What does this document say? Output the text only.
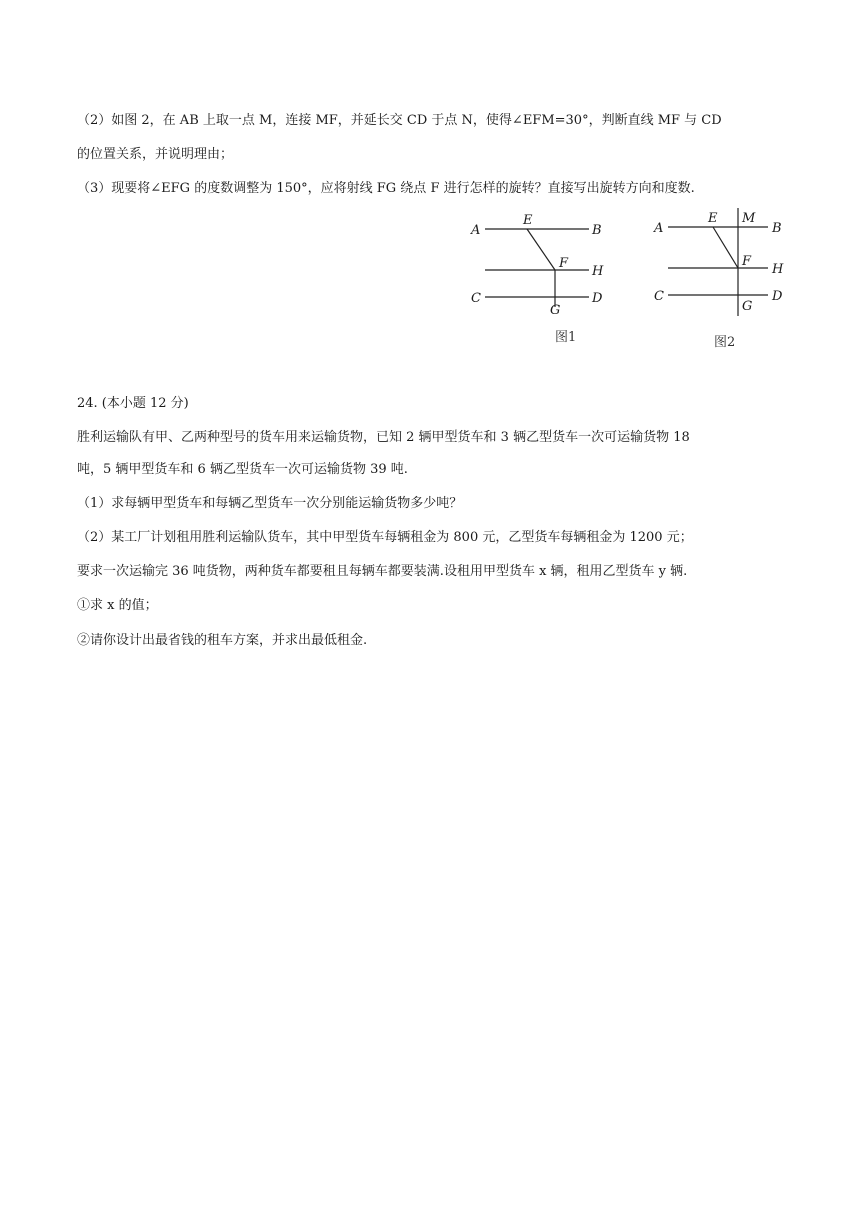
（2）如图 2，在 AB 上取一点 M，连接 MF，并延长交 CD 于点 N，使得∠EFM=30°，判断直线 MF 与 CD
的位置关系，并说明理由；
（3）现要将∠EFG 的度数调整为 150°，应将射线 FG 绕点 F 进行怎样的旋转？直接写出旋转方向和度数.
A	B
E
F
H
C	D
G
图1
A	B
E M
F
H
C	D
G
图2
24. (本小题 12 分)
胜利运输队有甲、乙两种型号的货车用来运输货物，已知 2 辆甲型货车和 3 辆乙型货车一次可运输货物 18
吨，5 辆甲型货车和 6 辆乙型货车一次可运输货物 39 吨.
（1）求每辆甲型货车和每辆乙型货车一次分别能运输货物多少吨？
（2）某工厂计划租用胜利运输队货车，其中甲型货车每辆租金为 800 元，乙型货车每辆租金为 1200 元；
要求一次运输完 36 吨货物，两种货车都要租且每辆车都要装满.设租用甲型货车 x 辆，租用乙型货车 y 辆.
①求 x 的值；
②请你设计出最省钱的租车方案，并求出最低租金.
